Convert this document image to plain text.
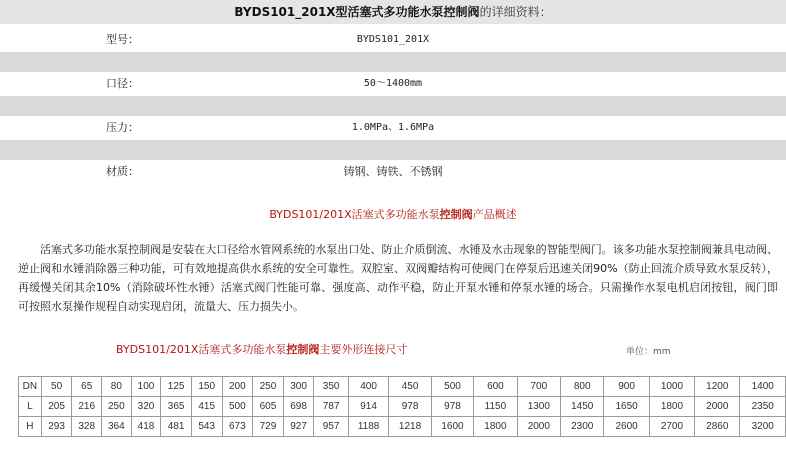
BYDS101_201X型活塞式多功能水泵控制阀的详细资料：
型号：	BYDS101_201X
口径：	50～1400mm
压力：	1.0MPa、1.6MPa
材质：	铸钢、铸铁、不锈钢
BYDS101/201X活塞式多功能水泵控制阀产品概述
活塞式多功能水泵控制阀是安装在大口径给水管网系统的水泵出口处、防止介质倒流、水锤及水击现象的智能型阀门。该多功能水泵控制阀兼具电动阀、逆止阀和水锤消除器三种功能，可有效地提高供水系统的安全可靠性。双腔室、双阀瓣结构可使阀门在停泵后迅速关闭90%（防止回流介质导致水泵反转），再缓慢关闭其余10%（消除破坏性水锤）活塞式阀门性能可靠、强度高、动作平稳，防止开泵水锤和停泵水锤的场合。只需操作水泵电机启闭按钮，阀门即可按照水泵操作规程自动实现启闭，流量大、压力损失小。
BYDS101/201X活塞式多功能水泵控制阀主要外形连接尺寸	单位：mm
DN	50	65	80	100	125	150	200	250	300	350	400	450	500	600	700	800	900	1000	1200	1400
L	205	216	250	320	365	415	500	605	698	787	914	978	978	1150	1300	1450	1650	1800	2000	2350
H	293	328	364	418	481	543	673	729	927	957	1188	1218	1600	1800	2000	2300	2600	2700	2860	3200
